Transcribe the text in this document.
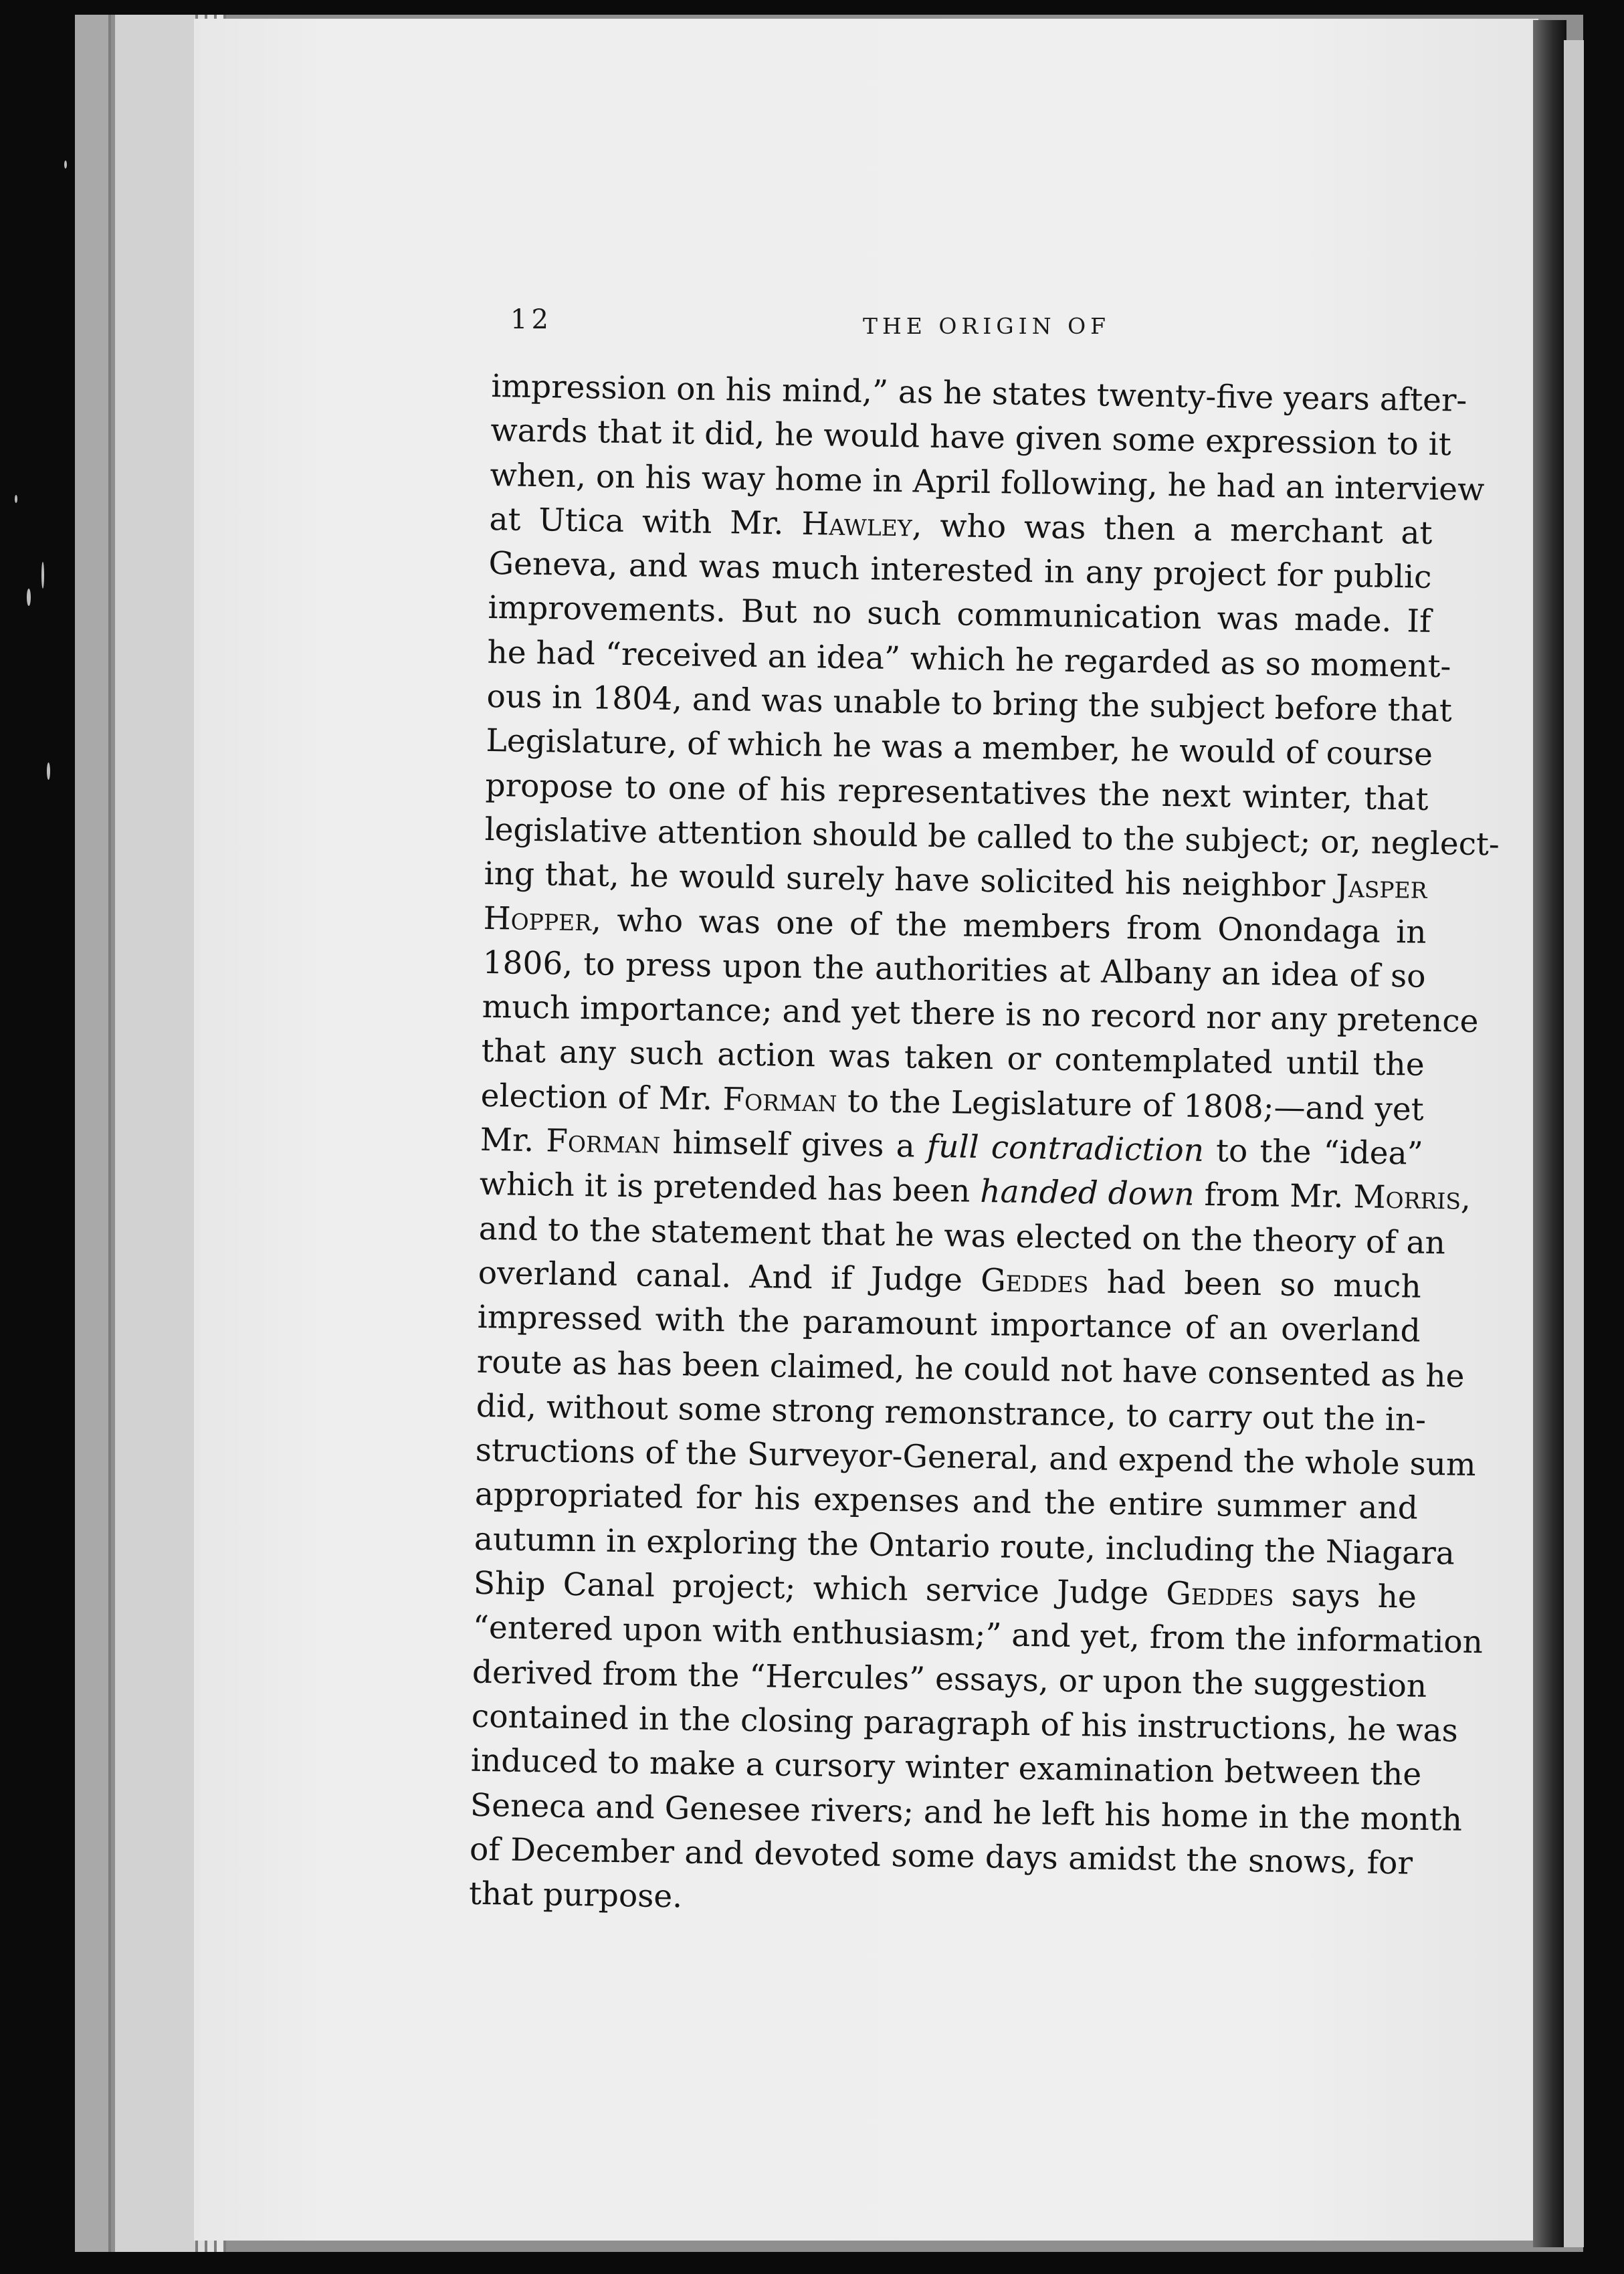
12	THE ORIGIN OF
impression on his mind,” as he states twenty-five years after-
wards that it did, he would have given some expression to it
when, on his way home in April following, he had an interview
at Utica with Mr. Hawley, who was then a merchant at
Geneva, and was much interested in any project for public
improvements. But no such communication was made. If
he had “received an idea” which he regarded as so moment-
ous in 1804, and was unable to bring the subject before that
Legislature, of which he was a member, he would of course
propose to one of his representatives the next winter, that
legislative attention should be called to the subject; or, neglect-
ing that, he would surely have solicited his neighbor Jasper
Hopper, who was one of the members from Onondaga in
1806, to press upon the authorities at Albany an idea of so
much importance; and yet there is no record nor any pretence
that any such action was taken or contemplated until the
election of Mr. Forman to the Legislature of 1808;—and yet
Mr. Forman himself gives a full contradiction to the “idea”
which it is pretended has been handed down from Mr. Morris,
and to the statement that he was elected on the theory of an
overland canal. And if Judge Geddes had been so much
impressed with the paramount importance of an overland
route as has been claimed, he could not have consented as he
did, without some strong remonstrance, to carry out the in-
structions of the Surveyor-General, and expend the whole sum
appropriated for his expenses and the entire summer and
autumn in exploring the Ontario route, including the Niagara
Ship Canal project; which service Judge Geddes says he
“entered upon with enthusiasm;” and yet, from the information
derived from the “Hercules” essays, or upon the suggestion
contained in the closing paragraph of his instructions, he was
induced to make a cursory winter examination between the
Seneca and Genesee rivers; and he left his home in the month
of December and devoted some days amidst the snows, for
that purpose.
